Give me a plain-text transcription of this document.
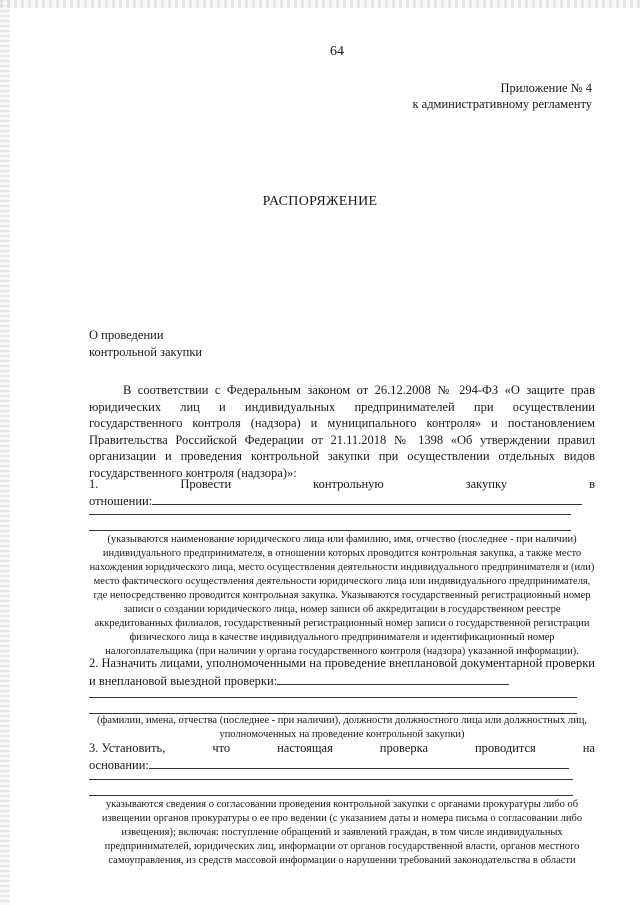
64
Приложение № 4
к административному регламенту
РАСПОРЯЖЕНИЕ
О проведении
контрольной закупки
В соответствии с Федеральным законом от 26.12.2008 № 294-ФЗ «О защите прав юридических лиц и индивидуальных предпринимателей при осуществлении государственного контроля (надзора) и муниципального контроля» и постановлением Правительства Российской Федерации от 21.11.2018 № 1398 «Об утверждении правил организации и проведения контрольной закупки при осуществлении отдельных видов государственного контроля (надзора)»:
1.	Провести	контрольную	закупку	в
отношении:
(указываются наименование юридического лица или фамилию, имя, отчество (последнее - при наличии) индивидуального предпринимателя, в отношении которых проводится контрольная закупка, а также место нахождения юридического лица, место осуществления деятельности индивидуального предпринимателя и (или) место фактического осуществления деятельности юридического лица или индивидуального предпринимателя, где непосредственно проводится контрольная закупка. Указываются государственный регистрационный номер записи о создании юридического лица, номер записи об аккредитации в государственном реестре аккредитованных филиалов, государственный регистрационный номер записи о государственной регистрации физического лица в качестве индивидуального предпринимателя и идентификационный номер налогоплательщика (при наличии у органа государственного контроля (надзора) указанной информации).
2. Назначить лицами, уполномоченными на проведение внеплановой документарной проверки и внеплановой выездной проверки:
(фамилии, имена, отчества (последнее - при наличии), должности должностного лица или должностных лиц, уполномоченных на проведение контрольной закупки)
3. Установить,	что	настоящая	проверка	проводится	на
основании:
указываются сведения о согласовании проведения контрольной закупки с органами прокуратуры либо об извещении органов прокуратуры о ее про ведении (с указанием даты и номера письма о согласовании либо извещения); включая: поступление обращений и заявлений граждан, в том числе индивидуальных предпринимателей, юридических лиц, информации от органов государственной власти, органов местного самоуправления, из средств массовой информации о нарушении требований законодательства в области
